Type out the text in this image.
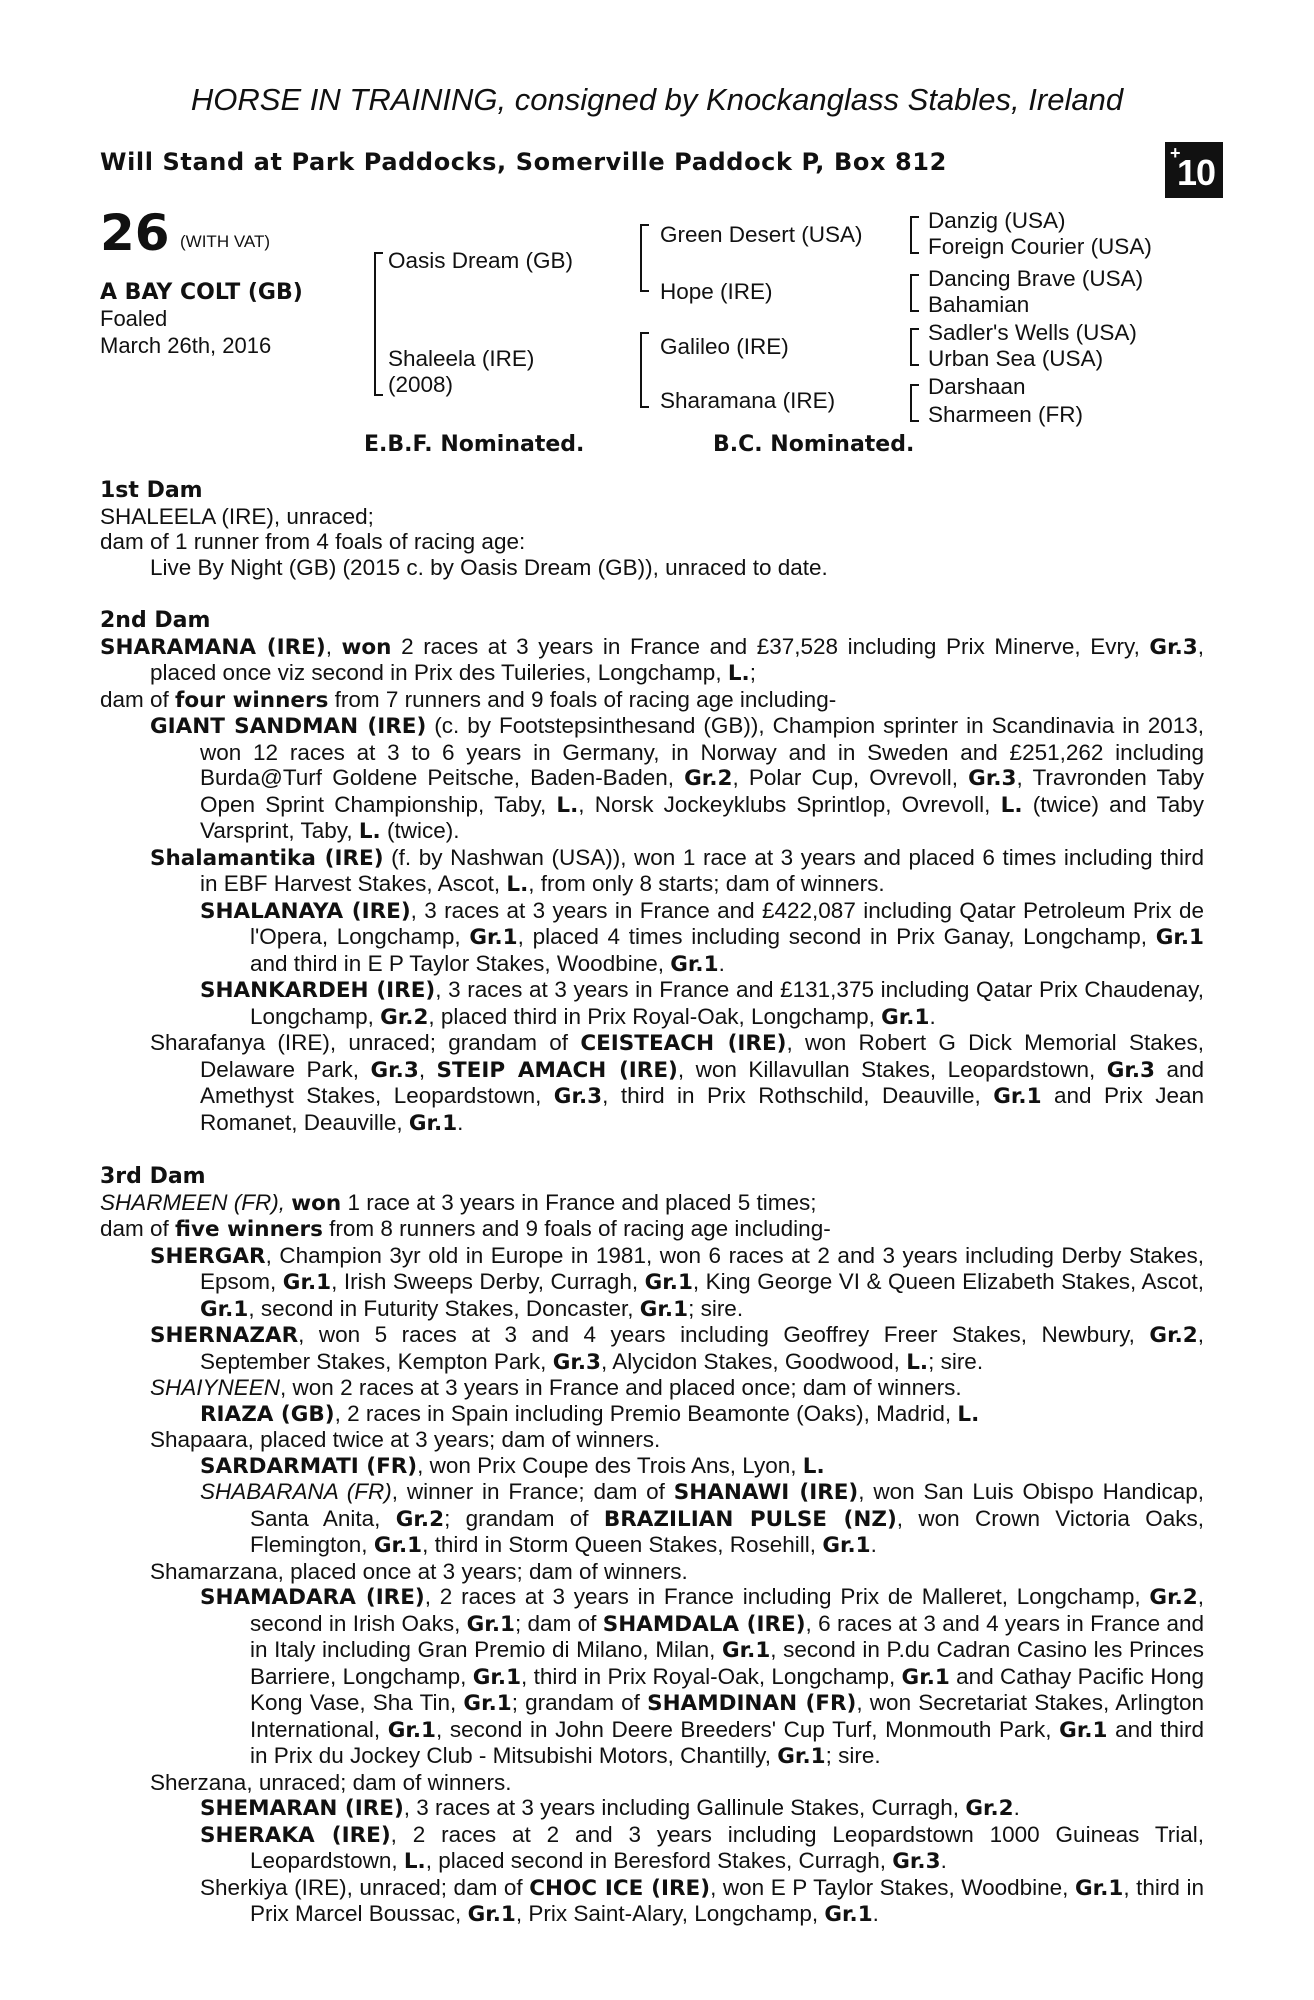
HORSE IN TRAINING, consigned by Knockanglass Stables, Ireland
Will Stand at Park Paddocks, Somerville Paddock P, Box 812	+
10
26 (WITH VAT)
A BAY COLT (GB)
Foaled
March 26th, 2016
Oasis Dream (GB)
Shaleela (IRE)
(2008)
Green Desert (USA)
Hope (IRE)
Galileo (IRE)
Sharamana (IRE)
Danzig (USA)
Foreign Courier (USA)
Dancing Brave (USA)
Bahamian
Sadler's Wells (USA)
Urban Sea (USA)
Darshaan
Sharmeen (FR)
E.B.F. Nominated.	B.C. Nominated.
1st Dam
SHALEELA (IRE), unraced;
dam of 1 runner from 4 foals of racing age:
Live By Night (GB) (2015 c. by Oasis Dream (GB)), unraced to date.
2nd Dam
SHARAMANA (IRE), won 2 races at 3 years in France and £37,528 including Prix Minerve, Evry, Gr.3, placed once viz second in Prix des Tuileries, Longchamp, L.;
dam of four winners from 7 runners and 9 foals of racing age including-
GIANT SANDMAN (IRE) (c. by Footstepsinthesand (GB)), Champion sprinter in Scandinavia in 2013, won 12 races at 3 to 6 years in Germany, in Norway and in Sweden and £251,262 including Burda@Turf Goldene Peitsche, Baden-Baden, Gr.2, Polar Cup, Ovrevoll, Gr.3, Travronden Taby Open Sprint Championship, Taby, L., Norsk Jockeyklubs Sprintlop, Ovrevoll, L. (twice) and Taby Varsprint, Taby, L. (twice).
Shalamantika (IRE) (f. by Nashwan (USA)), won 1 race at 3 years and placed 6 times including third in EBF Harvest Stakes, Ascot, L., from only 8 starts; dam of winners.
SHALANAYA (IRE), 3 races at 3 years in France and £422,087 including Qatar Petroleum Prix de l'Opera, Longchamp, Gr.1, placed 4 times including second in Prix Ganay, Longchamp, Gr.1 and third in E P Taylor Stakes, Woodbine, Gr.1.
SHANKARDEH (IRE), 3 races at 3 years in France and £131,375 including Qatar Prix Chaudenay, Longchamp, Gr.2, placed third in Prix Royal-Oak, Longchamp, Gr.1.
Sharafanya (IRE), unraced; grandam of CEISTEACH (IRE), won Robert G Dick Memorial Stakes, Delaware Park, Gr.3, STEIP AMACH (IRE), won Killavullan Stakes, Leopardstown, Gr.3 and Amethyst Stakes, Leopardstown, Gr.3, third in Prix Rothschild, Deauville, Gr.1 and Prix Jean Romanet, Deauville, Gr.1.
3rd Dam
SHARMEEN (FR), won 1 race at 3 years in France and placed 5 times;
dam of five winners from 8 runners and 9 foals of racing age including-
SHERGAR, Champion 3yr old in Europe in 1981, won 6 races at 2 and 3 years including Derby Stakes, Epsom, Gr.1, Irish Sweeps Derby, Curragh, Gr.1, King George VI & Queen Elizabeth Stakes, Ascot, Gr.1, second in Futurity Stakes, Doncaster, Gr.1; sire.
SHERNAZAR, won 5 races at 3 and 4 years including Geoffrey Freer Stakes, Newbury, Gr.2, September Stakes, Kempton Park, Gr.3, Alycidon Stakes, Goodwood, L.; sire.
SHAIYNEEN, won 2 races at 3 years in France and placed once; dam of winners.
RIAZA (GB), 2 races in Spain including Premio Beamonte (Oaks), Madrid, L.
Shapaara, placed twice at 3 years; dam of winners.
SARDARMATI (FR), won Prix Coupe des Trois Ans, Lyon, L.
SHABARANA (FR), winner in France; dam of SHANAWI (IRE), won San Luis Obispo Handicap, Santa Anita, Gr.2; grandam of BRAZILIAN PULSE (NZ), won Crown Victoria Oaks, Flemington, Gr.1, third in Storm Queen Stakes, Rosehill, Gr.1.
Shamarzana, placed once at 3 years; dam of winners.
SHAMADARA (IRE), 2 races at 3 years in France including Prix de Malleret, Longchamp, Gr.2, second in Irish Oaks, Gr.1; dam of SHAMDALA (IRE), 6 races at 3 and 4 years in France and in Italy including Gran Premio di Milano, Milan, Gr.1, second in P.du Cadran Casino les Princes Barriere, Longchamp, Gr.1, third in Prix Royal-Oak, Longchamp, Gr.1 and Cathay Pacific Hong Kong Vase, Sha Tin, Gr.1; grandam of SHAMDINAN (FR), won Secretariat Stakes, Arlington International, Gr.1, second in John Deere Breeders' Cup Turf, Monmouth Park, Gr.1 and third in Prix du Jockey Club - Mitsubishi Motors, Chantilly, Gr.1; sire.
Sherzana, unraced; dam of winners.
SHEMARAN (IRE), 3 races at 3 years including Gallinule Stakes, Curragh, Gr.2.
SHERAKA (IRE), 2 races at 2 and 3 years including Leopardstown 1000 Guineas Trial, Leopardstown, L., placed second in Beresford Stakes, Curragh, Gr.3.
Sherkiya (IRE), unraced; dam of CHOC ICE (IRE), won E P Taylor Stakes, Woodbine, Gr.1, third in Prix Marcel Boussac, Gr.1, Prix Saint-Alary, Longchamp, Gr.1.
